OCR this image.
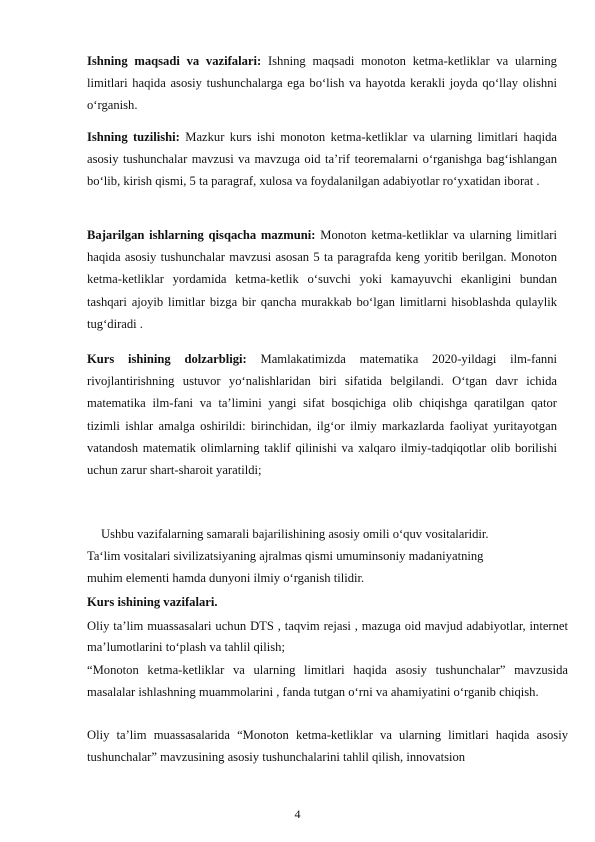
Ishning maqsadi va vazifalari: Ishning maqsadi monoton ketma-ketliklar va ularning limitlari haqida asosiy tushunchalarga ega bo‘lish va hayotda kerakli joyda qo‘llay olishni o‘rganish.
Ishning tuzilishi: Mazkur kurs ishi monoton ketma-ketliklar va ularning limitlari haqida asosiy tushunchalar mavzusi va mavzuga oid ta’rif teoremalarni o‘rganishga bag‘ishlangan bo‘lib, kirish qismi, 5 ta paragraf, xulosa va foydalanilgan adabiyotlar ro‘yxatidan iborat .
Bajarilgan ishlarning qisqacha mazmuni: Monoton ketma-ketliklar va ularning limitlari haqida asosiy tushunchalar mavzusi asosan 5 ta paragrafda keng yoritib berilgan. Monoton ketma-ketliklar yordamida ketma-ketlik o‘suvchi yoki kamayuvchi ekanligini bundan tashqari ajoyib limitlar bizga bir qancha murakkab bo‘lgan limitlarni hisoblashda qulaylik tug‘diradi .
Kurs ishining dolzarbligi: Mamlakatimizda matematika 2020-yildagi ilm-fanni rivojlantirishning ustuvor yo‘nalishlaridan biri sifatida belgilandi. O‘tgan davr ichida matematika ilm-fani va ta’limini yangi sifat bosqichiga olib chiqishga qaratilgan qator tizimli ishlar amalga oshirildi: birinchidan, ilg‘or ilmiy markazlarda faoliyat yuritayotgan vatandosh matematik olimlarning taklif qilinishi va xalqaro ilmiy-tadqiqotlar olib borilishi uchun zarur shart-sharoit yaratildi;
Ushbu vazifalarning samarali bajarilishining asosiy omili o‘quv vositalaridir.
Ta‘lim vositalari sivilizatsiyaning ajralmas qismi umuminsoniy madaniyatning
muhim elementi hamda dunyoni ilmiy o‘rganish tilidir.
Kurs ishining vazifalari.
Oliy ta’lim muassasalari uchun DTS , taqvim rejasi , mazuga oid mavjud adabiyotlar, internet ma’lumotlarini to‘plash va tahlil qilish;
“Monoton ketma-ketliklar va ularning limitlari haqida asosiy tushunchalar” mavzusida masalalar ishlashning muammolarini , fanda tutgan o‘rni va ahamiyatini o‘rganib chiqish.
Oliy ta’lim muassasalarida “Monoton ketma-ketliklar va ularning limitlari haqida asosiy tushunchalar” mavzusining asosiy tushunchalarini tahlil qilish, innovatsion
4
